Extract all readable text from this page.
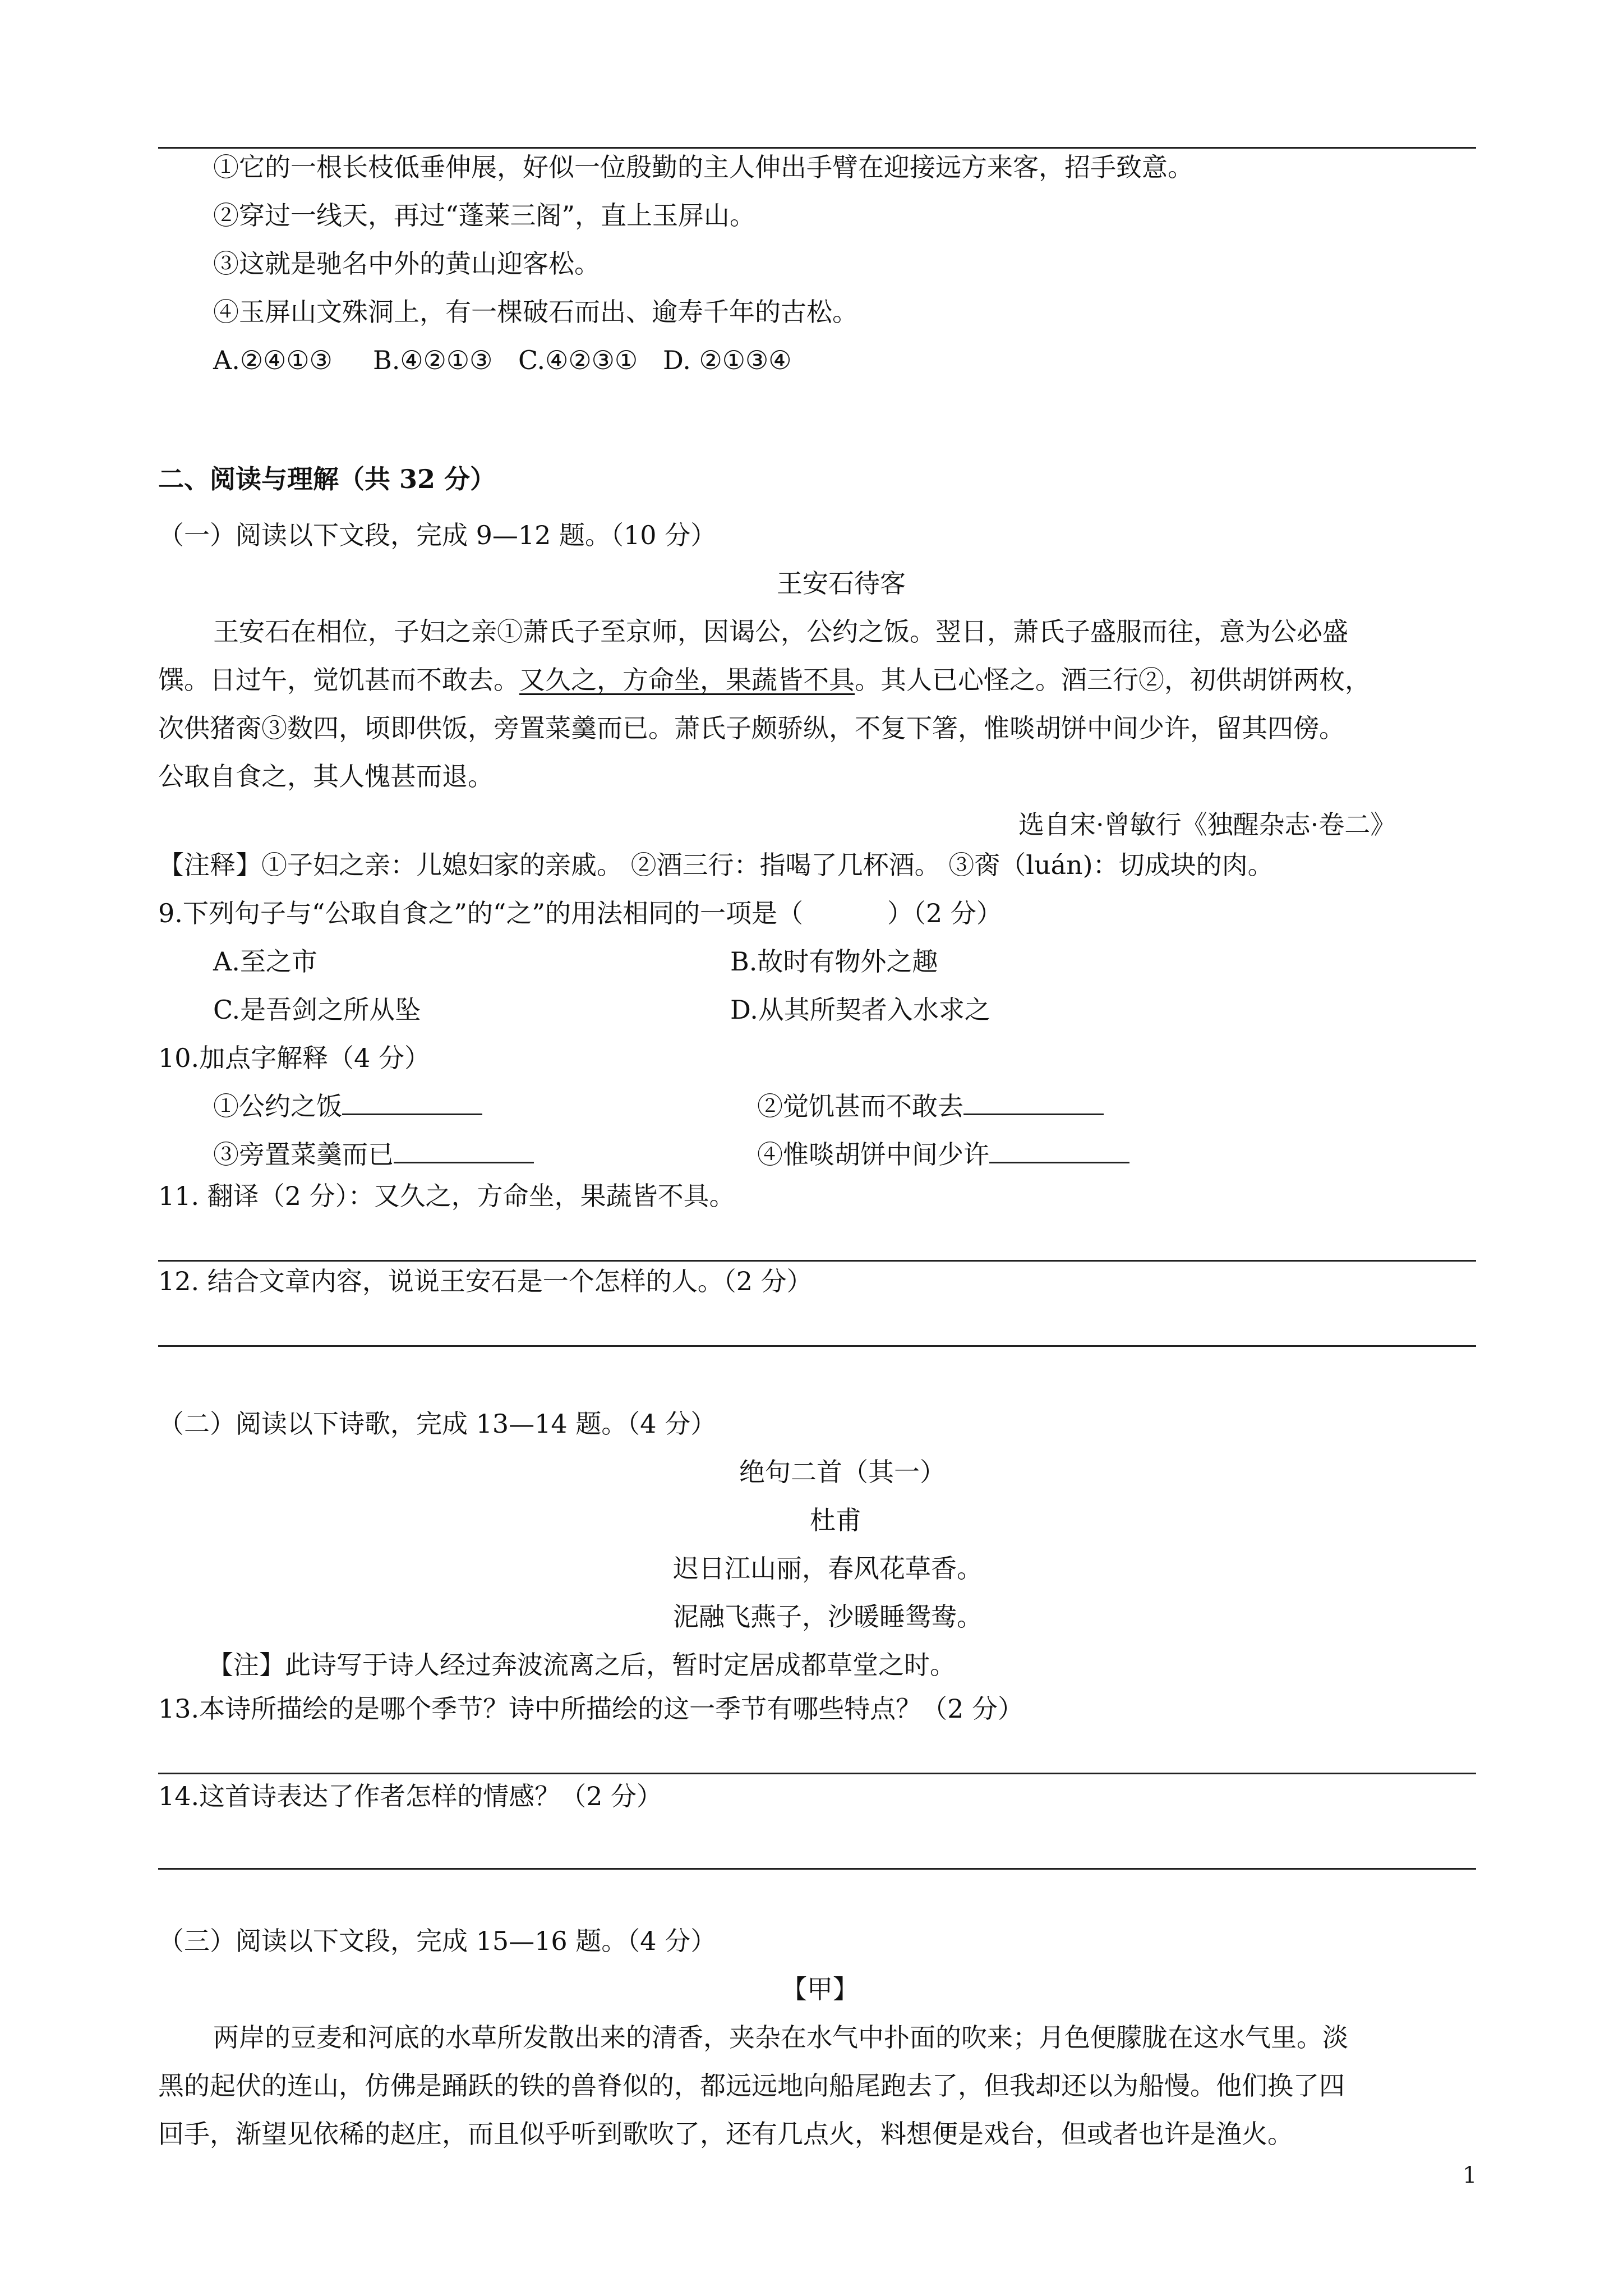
①它的一根长枝低垂伸展，好似一位殷勤的主人伸出手臂在迎接远方来客，招手致意。
②穿过一线天，再过“蓬莱三阁”，直上玉屏山。
③这就是驰名中外的黄山迎客松。
④玉屏山文殊洞上，有一棵破石而出、逾寿千年的古松。
A.②④①③ B.④②①③ C.④②③① D. ②①③④
二、阅读与理解（共 32 分）
（一）阅读以下文段，完成 9—12 题。（10 分）
王安石待客
王安石在相位，子妇之亲①萧氏子至京师，因谒公，公约之饭。翌日，萧氏子盛服而往，意为公必盛
馔。日过午，觉饥甚而不敢去。又久之，方命坐，果蔬皆不具。其人已心怪之。酒三行②，初供胡饼两枚，
次供猪脔③数四，顷即供饭，旁置菜羹而已。萧氏子颇骄纵，不复下箸，惟啖胡饼中间少许，留其四傍。
公取自食之，其人愧甚而退。
选自宋·曾敏行《独醒杂志·卷二》
【注释】①子妇之亲：儿媳妇家的亲戚。 ②酒三行：指喝了几杯酒。 ③脔（luán)：切成块的肉。
9.下列句子与“公取自食之”的“之”的用法相同的一项是（	）（2 分）
A.至之市	B.故时有物外之趣
C.是吾剑之所从坠	D.从其所契者入水求之
10.加点字解释（4 分）
①公约之饭	②觉饥甚而不敢去
③旁置菜羹而已	④惟啖胡饼中间少许
11. 翻译（2 分）：又久之，方命坐，果蔬皆不具。
12. 结合文章内容，说说王安石是一个怎样的人。（2 分）
（二）阅读以下诗歌，完成 13—14 题。（4 分）
绝句二首（其一）
杜甫
迟日江山丽，春风花草香。
泥融飞燕子，沙暖睡鸳鸯。
【注】此诗写于诗人经过奔波流离之后，暂时定居成都草堂之时。
13.本诗所描绘的是哪个季节？诗中所描绘的这一季节有哪些特点？（2 分）
14.这首诗表达了作者怎样的情感？（2 分）
（三）阅读以下文段，完成 15—16 题。（4 分）
【甲】
两岸的豆麦和河底的水草所发散出来的清香，夹杂在水气中扑面的吹来；月色便朦胧在这水气里。淡
黑的起伏的连山，仿佛是踊跃的铁的兽脊似的，都远远地向船尾跑去了，但我却还以为船慢。他们换了四
回手，渐望见依稀的赵庄，而且似乎听到歌吹了，还有几点火，料想便是戏台，但或者也许是渔火。
1
